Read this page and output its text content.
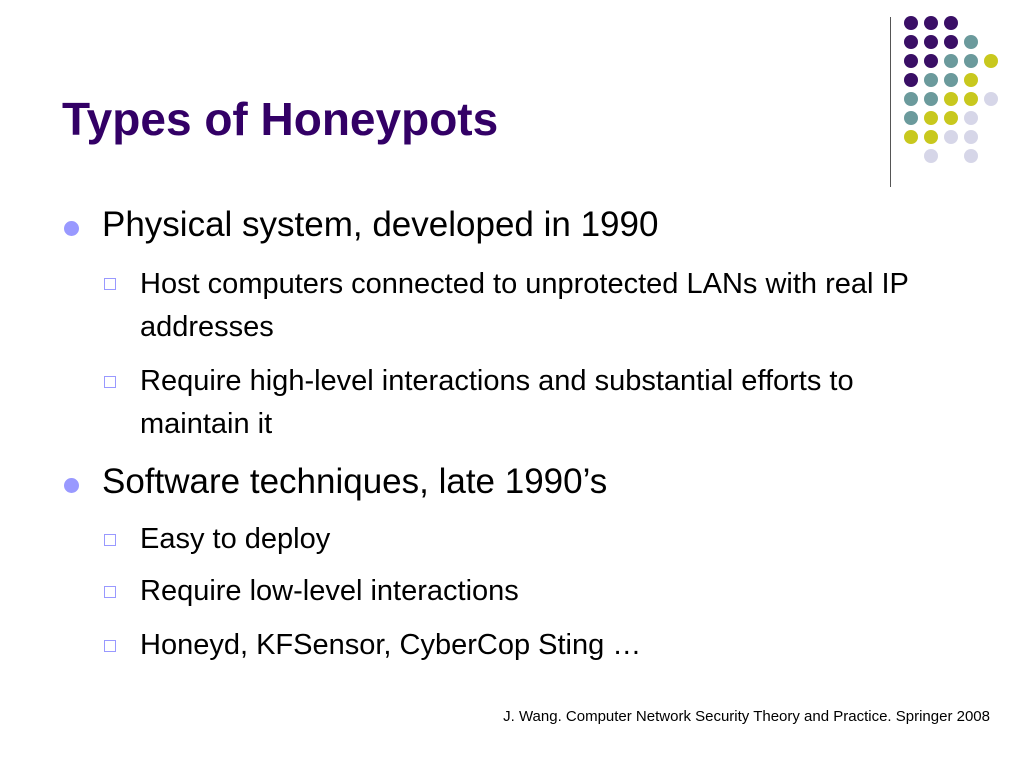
Types of Honeypots
Physical system, developed in 1990
Host computers connected to unprotected LANs with real IP addresses
Require high-level interactions and substantial efforts to maintain it
Software techniques, late 1990’s
Easy to deploy
Require low-level interactions
Honeyd, KFSensor, CyberCop Sting …
J. Wang. Computer Network Security Theory and Practice. Springer 2008
